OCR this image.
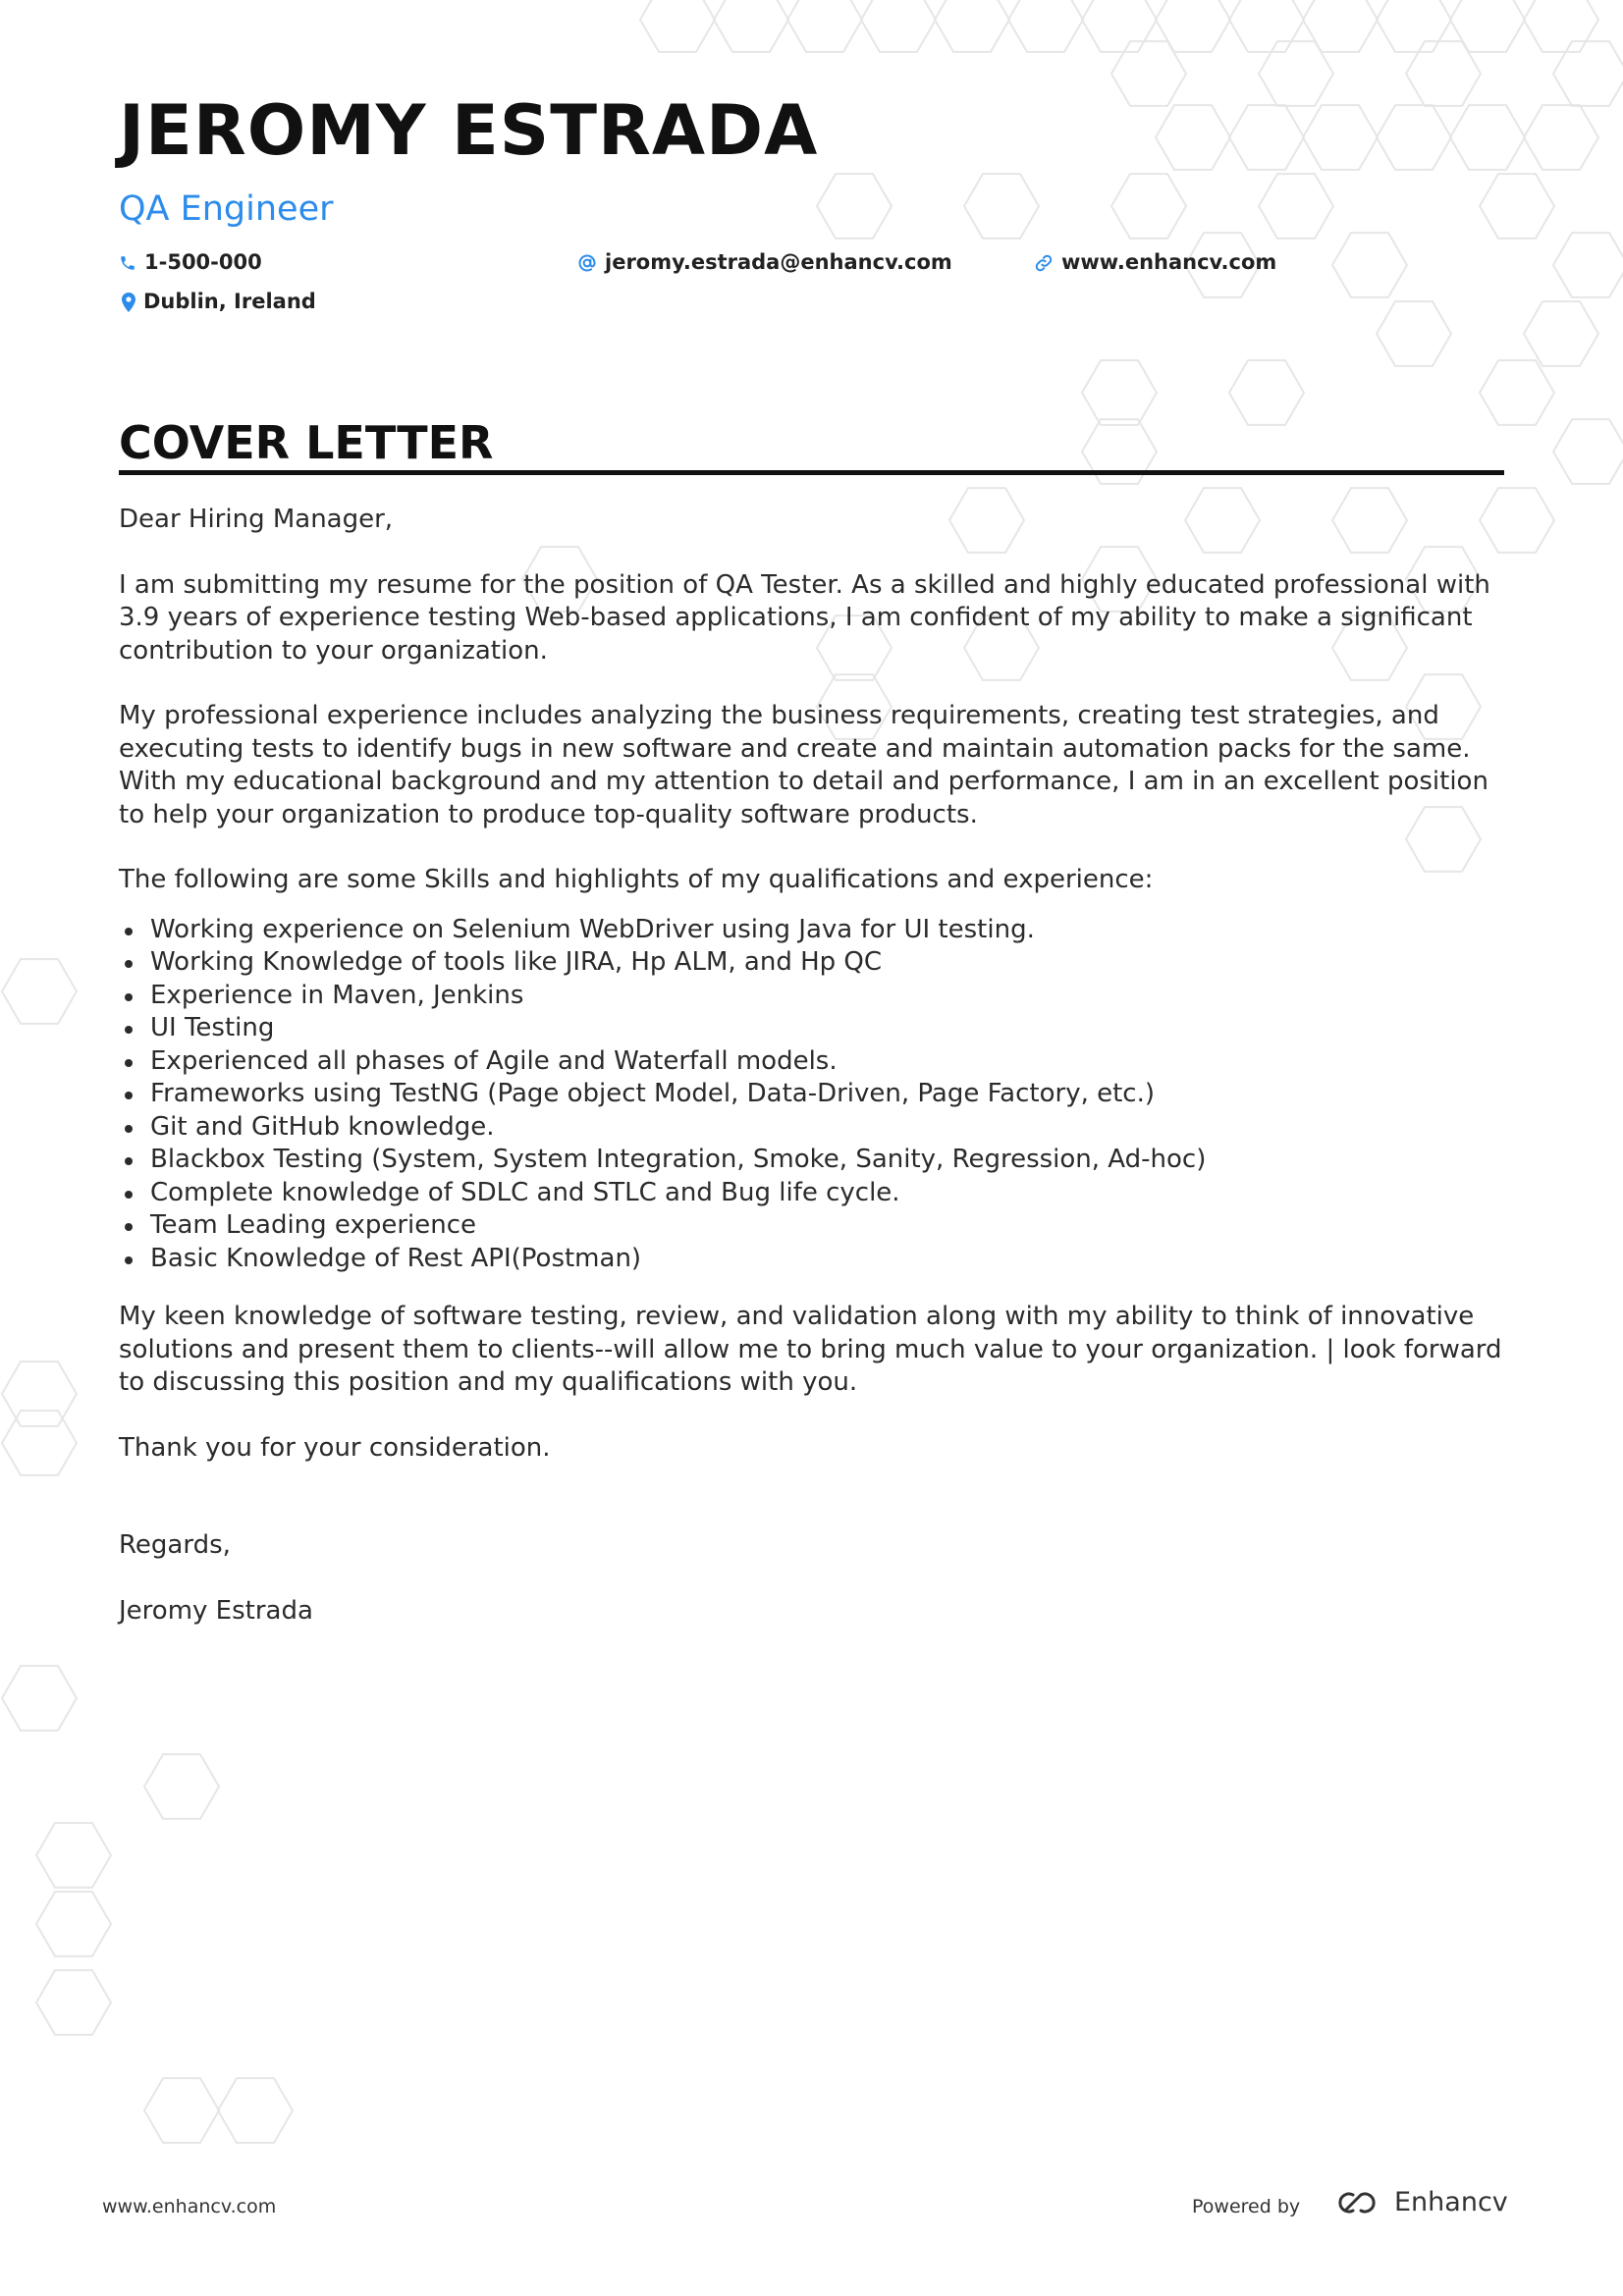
JEROMY ESTRADA
QA Engineer
1-500-000	jeromy.estrada@enhancv.com	www.enhancv.com
Dublin, Ireland
COVER LETTER

Dear Hiring Manager,

I am submitting my resume for the position of QA Tester. As a skilled and highly educated professional with 3.9 years of experience testing Web-based applications, I am confident of my ability to make a significant contribution to your organization.

My professional experience includes analyzing the business requirements, creating test strategies, and executing tests to identify bugs in new software and create and maintain automation packs for the same.

With my educational background and my attention to detail and performance, I am in an excellent position to help your organization to produce top-quality software products.

The following are some Skills and highlights of my qualifications and experience:

Working experience on Selenium WebDriver using Java for UI testing.
Working Knowledge of tools like JIRA, Hp ALM, and Hp QC
Experience in Maven, Jenkins
UI Testing
Experienced all phases of Agile and Waterfall models.
Frameworks using TestNG (Page object Model, Data-Driven, Page Factory, etc.)
Git and GitHub knowledge.
Blackbox Testing (System, System Integration, Smoke, Sanity, Regression, Ad-hoc)
Complete knowledge of SDLC and STLC and Bug life cycle.
Team Leading experience
Basic Knowledge of Rest API(Postman)

My keen knowledge of software testing, review, and validation along with my ability to think of innovative solutions and present them to clients--will allow me to bring much value to your organization. | look forward to discussing this position and my qualifications with you.

Thank you for your consideration.

Regards,

Jeromy Estrada

www.enhancv.com	Powered by	Enhancv
